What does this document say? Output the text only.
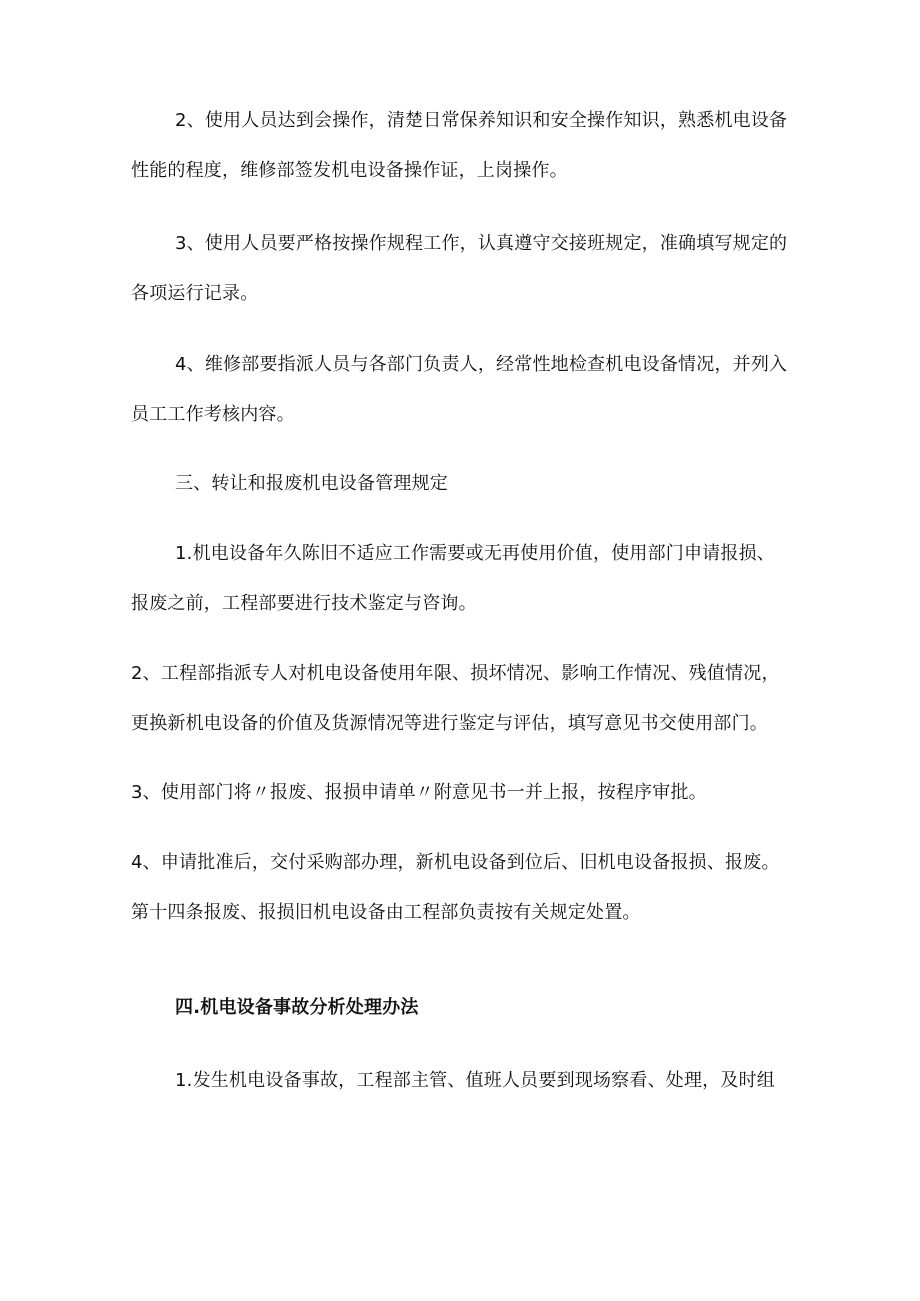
2、使用人员达到会操作，清楚日常保养知识和安全操作知识，熟悉机电设备
性能的程度，维修部签发机电设备操作证，上岗操作。
3、使用人员要严格按操作规程工作，认真遵守交接班规定，准确填写规定的
各项运行记录。
4、维修部要指派人员与各部门负责人，经常性地检查机电设备情况，并列入
员工工作考核内容。
三、转让和报废机电设备管理规定
1.机电设备年久陈旧不适应工作需要或无再使用价值，使用部门申请报损、
报废之前，工程部要进行技术鉴定与咨询。
2、工程部指派专人对机电设备使用年限、损坏情况、影响工作情况、残值情况，
更换新机电设备的价值及货源情况等进行鉴定与评估，填写意见书交使用部门。
3、使用部门将〃报废、报损申请单〃附意见书一并上报，按程序审批。
4、申请批准后，交付采购部办理，新机电设备到位后、旧机电设备报损、报废。
第十四条报废、报损旧机电设备由工程部负责按有关规定处置。
四.机电设备事故分析处理办法
1.发生机电设备事故，工程部主管、值班人员要到现场察看、处理，及时组
